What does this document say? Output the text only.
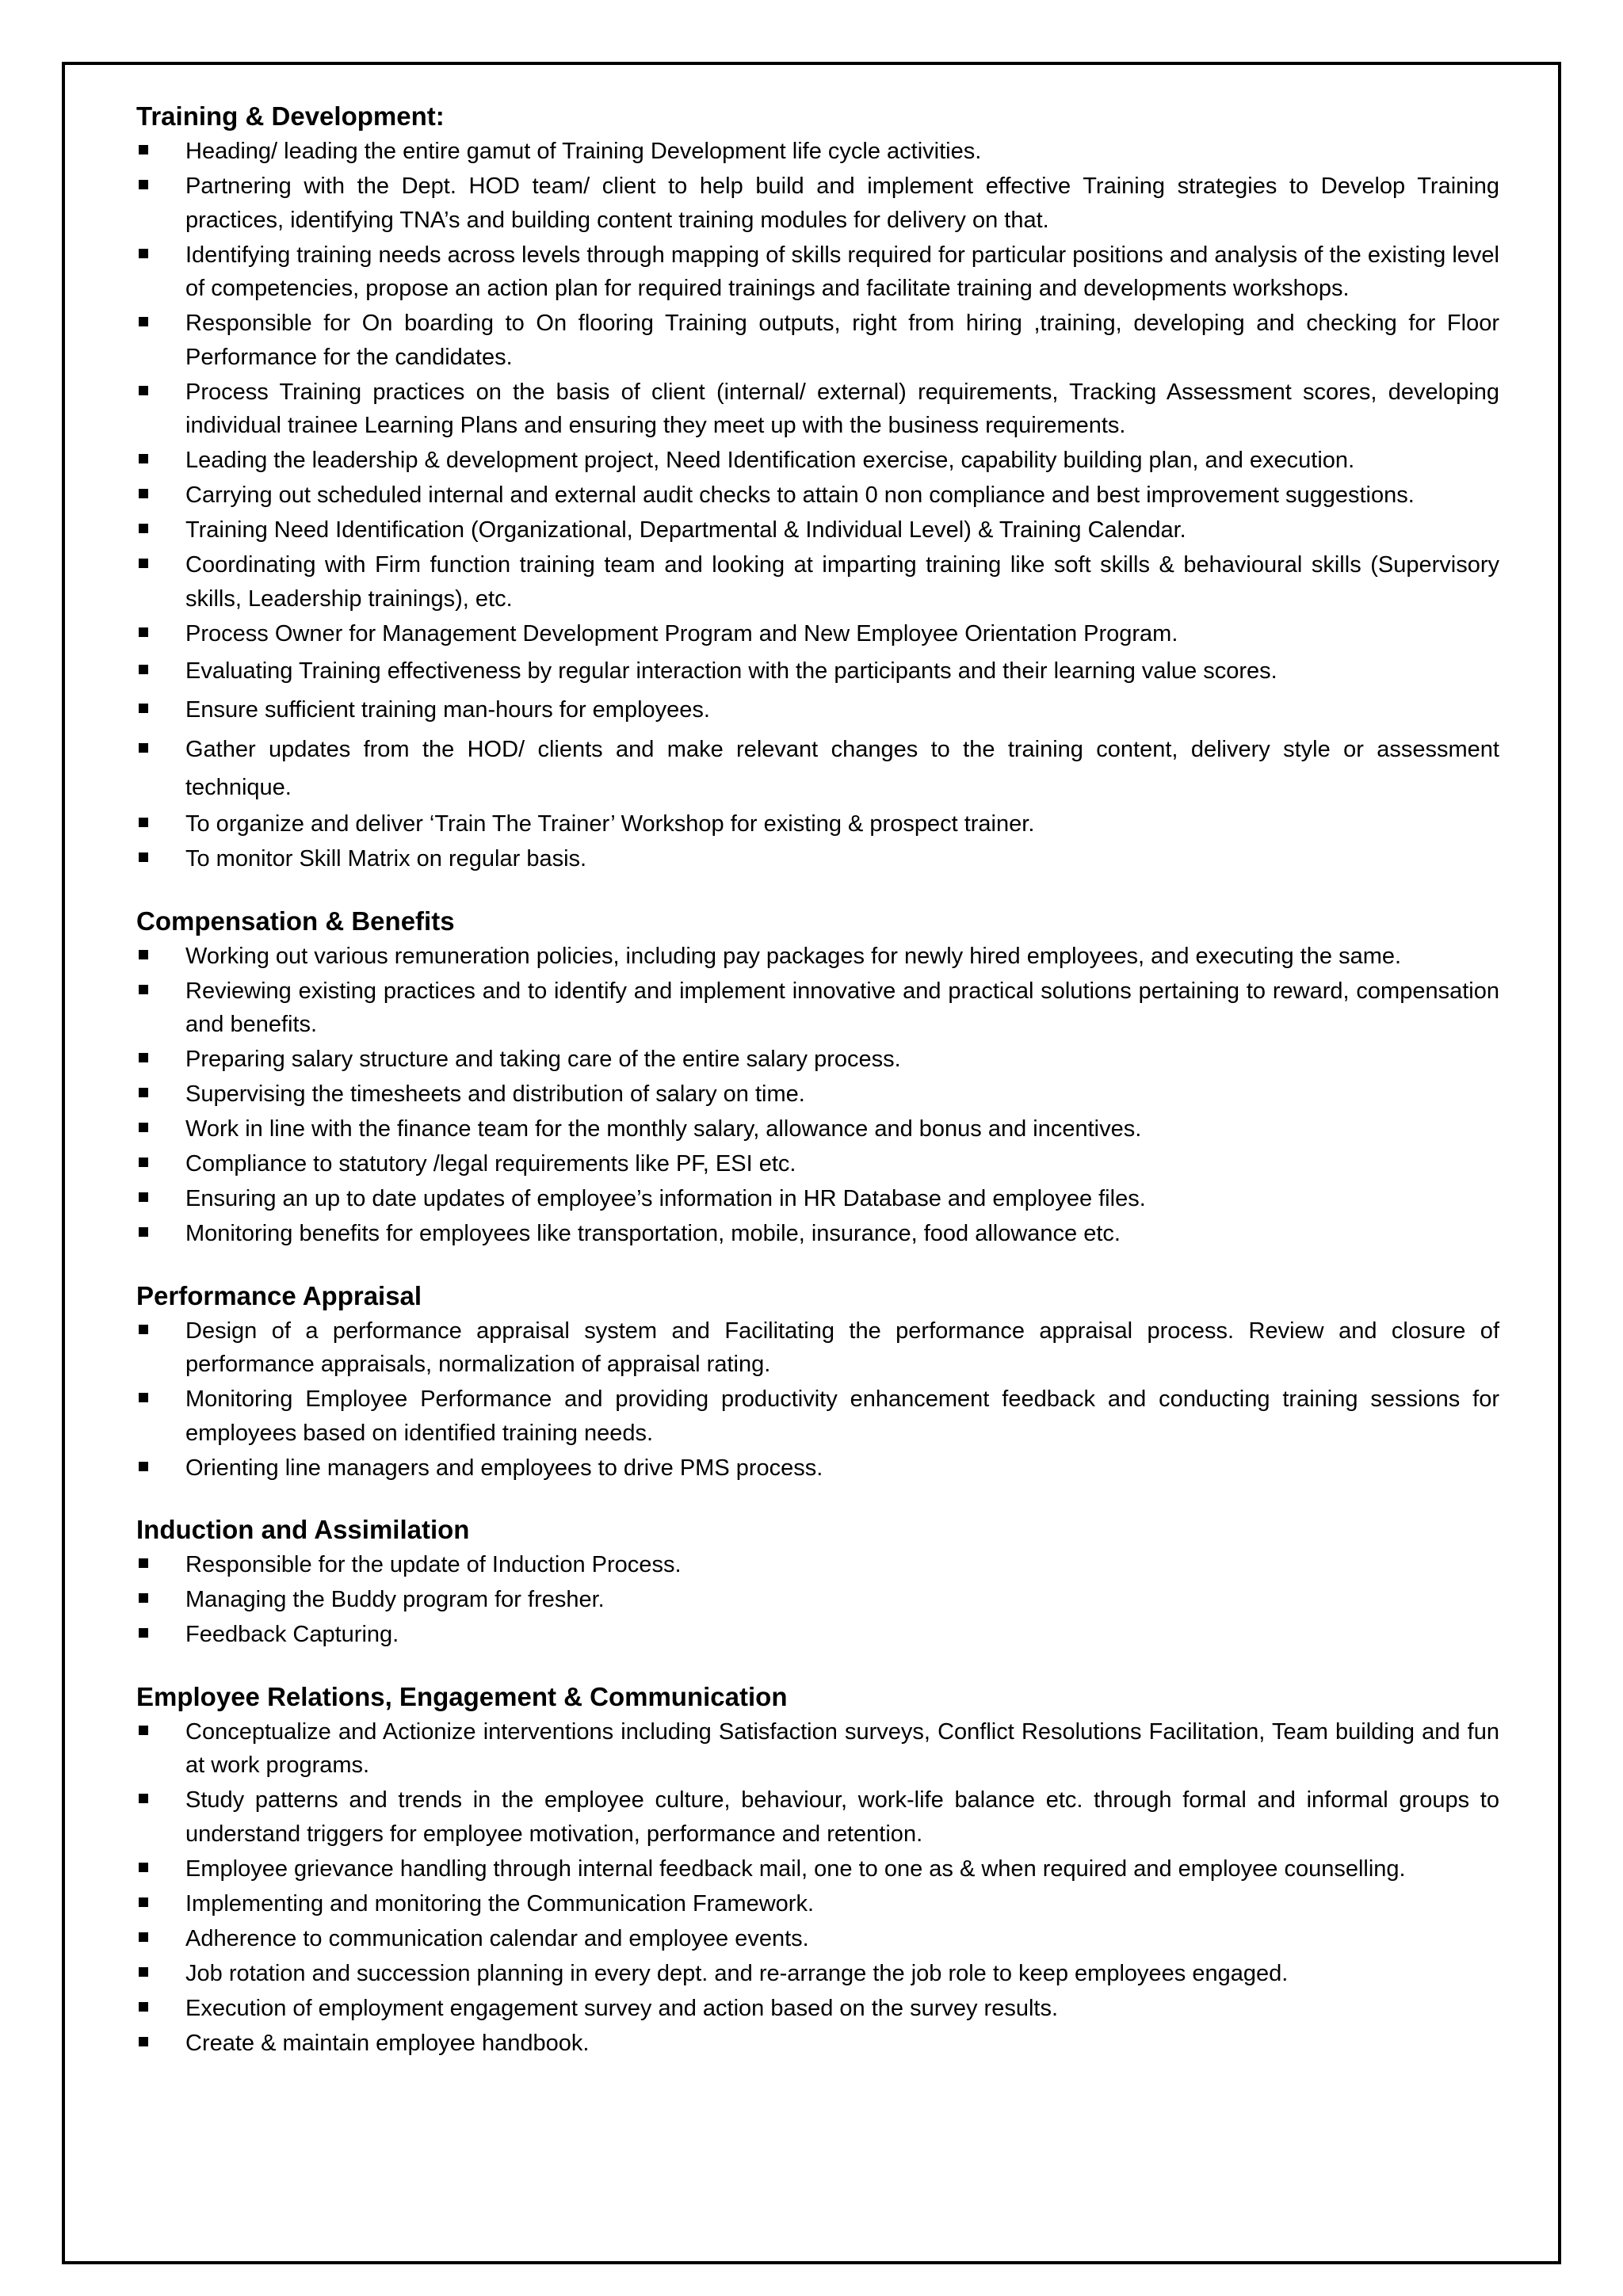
Training & Development:
Heading/ leading the entire gamut of Training Development life cycle activities.
Partnering with the Dept. HOD team/ client to help build and implement effective Training strategies to Develop Training practices, identifying TNA’s and building content training modules for delivery on that.
Identifying training needs across levels through mapping of skills required for particular positions and analysis of the existing level of competencies, propose an action plan for required trainings and facilitate training and developments workshops.
Responsible for On boarding to On flooring Training outputs, right from hiring ,training, developing and checking for Floor Performance for the candidates.
Process Training practices on the basis of client (internal/ external) requirements, Tracking Assessment scores, developing individual trainee Learning Plans and ensuring they meet up with the business requirements.
Leading the leadership & development project, Need Identification exercise, capability building plan, and execution.
Carrying out scheduled internal and external audit checks to attain 0 non compliance and best improvement suggestions.
Training Need Identification (Organizational, Departmental & Individual Level) & Training Calendar.
Coordinating with Firm function training team and looking at imparting training like soft skills & behavioural skills (Supervisory skills, Leadership trainings), etc.
Process Owner for Management Development Program and New Employee Orientation Program.
Evaluating Training effectiveness by regular interaction with the participants and their learning value scores.
Ensure sufficient training man-hours for employees.
Gather updates from the HOD/ clients and make relevant changes to the training content, delivery style or assessment technique.
To organize and deliver ‘Train The Trainer’ Workshop for existing & prospect trainer.
To monitor Skill Matrix on regular basis.
Compensation & Benefits
Working out various remuneration policies, including pay packages for newly hired employees, and executing the same.
Reviewing existing practices and to identify and implement innovative and practical solutions pertaining to reward, compensation and benefits.
Preparing salary structure and taking care of the entire salary process.
Supervising the timesheets and distribution of salary on time.
Work in line with the finance team for the monthly salary, allowance and bonus and incentives.
Compliance to statutory /legal requirements like PF, ESI etc.
Ensuring an up to date updates of employee’s information in HR Database and employee files.
Monitoring benefits for employees like transportation, mobile, insurance, food allowance etc.
Performance Appraisal
Design of a performance appraisal system and Facilitating the performance appraisal process. Review and closure of performance appraisals, normalization of appraisal rating.
Monitoring Employee Performance and providing productivity enhancement feedback and conducting training sessions for employees based on identified training needs.
Orienting line managers and employees to drive PMS process.
Induction and Assimilation
Responsible for the update of Induction Process.
Managing the Buddy program for fresher.
Feedback Capturing.
Employee Relations, Engagement & Communication
Conceptualize and Actionize interventions including Satisfaction surveys, Conflict Resolutions Facilitation, Team building and fun at work programs.
Study patterns and trends in the employee culture, behaviour, work-life balance etc. through formal and informal groups to understand triggers for employee motivation, performance and retention.
Employee grievance handling through internal feedback mail, one to one as & when required and employee counselling.
Implementing and monitoring the Communication Framework.
Adherence to communication calendar and employee events.
Job rotation and succession planning in every dept. and re-arrange the job role to keep employees engaged.
Execution of employment engagement survey and action based on the survey results.
Create & maintain employee handbook.
